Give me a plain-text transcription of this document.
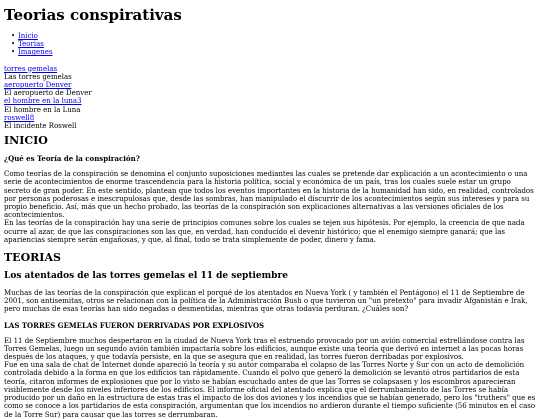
Teorias conspirativas
• Inicio
• Teorias
• Imagenes
torres gemelas
Las torres gemelas
aeropuerto Denver
El aeropuerto de Denver
el hombre en la luna3
El hombre en la Luna
roswell8
El incidente Roswell
INICIO
¿Qué es Teoría de la conspiración?

Como teorías de la conspiración se denomina el conjunto suposiciones mediantes las cuales se pretende dar explicación a un acontecimiento o una serie de acontecimientos de enorme trascendencia para la historia política, social y económica de un país, tras los cuales suele estar un grupo secreto de gran poder. En este sentido, plantean que todos los eventos importantes en la historia de la humanidad han sido, en realidad, controlados por personas poderosas e inescrupulosas que, desde las sombras, han manipulado el discurrir de los acontecimientos según sus intereses y para su propio beneficio. Así, más que un hecho probado, las teorías de la conspiración son explicaciones alternativas a las versiones oficiales de los acontecimientos.

En las teorías de la conspiración hay una serie de principios comunes sobre los cuales se tejen sus hipótesis. Por ejemplo, la creencia de que nada ocurre al azar, de que las conspiraciones son las que, en verdad, han conducido el devenir histórico; que el enemigo siempre ganará; que las apariencias siempre serán engañosas, y que, al final, todo se trata simplemente de poder, dinero y fama.

TEORIAS
Los atentados de las torres gemelas el 11 de septiembre

Muchas de las teorías de la conspiración que explican el porqué de los atentados en Nueva York ( y también el Pentágono) el 11 de Septiembre de 2001, son antisemitas, otros se relacionan con la política de la Administración Bush o que tuvieron un "un pretexto" para invadir Afganistán e Irak, pero muchas de esas teorías han sido negadas o desmentidas, mientras que otras todavía perduran. ¿Cuáles son?

LAS TORRES GEMELAS FUERON DERRIVADAS POR EXPLOSIVOS

El 11 de Septiembre muchos despertaron en la ciudad de Nueva York tras el estruendo provocado por un avión comercial estrellándose contra las Torres Gemelas, luego un segundo avión también impactaría sobre los edificios, aunque existe una teoría que derivó en internet a las pocas horas después de los ataques, y que todavía persiste, en la que se asegura que en realidad, las torres fueron derribadas por explosivos.

Fue en una sala de chat de Internet donde apareció la teoría y su autor comparaba el colapso de las Torres Norte y Sur con un acto de demolición controlada debido a la forma en que los edificios tan rápidamente. Cuando el polvo que generó la demolición se levantó otros partidarios de esta teoría, citaron informes de explosiones que por lo visto se habían escuchado antes de que las Torres se colapsasen y los escombros aparecieran visiblemente desde los niveles inferiores de los edificios. El informe oficial del atentado explica que el derrumbamiento de las Torres se había producido por un daño en la estructura de estas tras el impacto de los dos aviones y los incendios que se habían generado, pero los "truthers" que es como se conoce a los partidarios de esta conspiración, argumentan que los incendios no ardieron durante el tiempo suficiente (56 minutos en el caso de la Torre Sur) para causar que las torres se derrumbaran.
